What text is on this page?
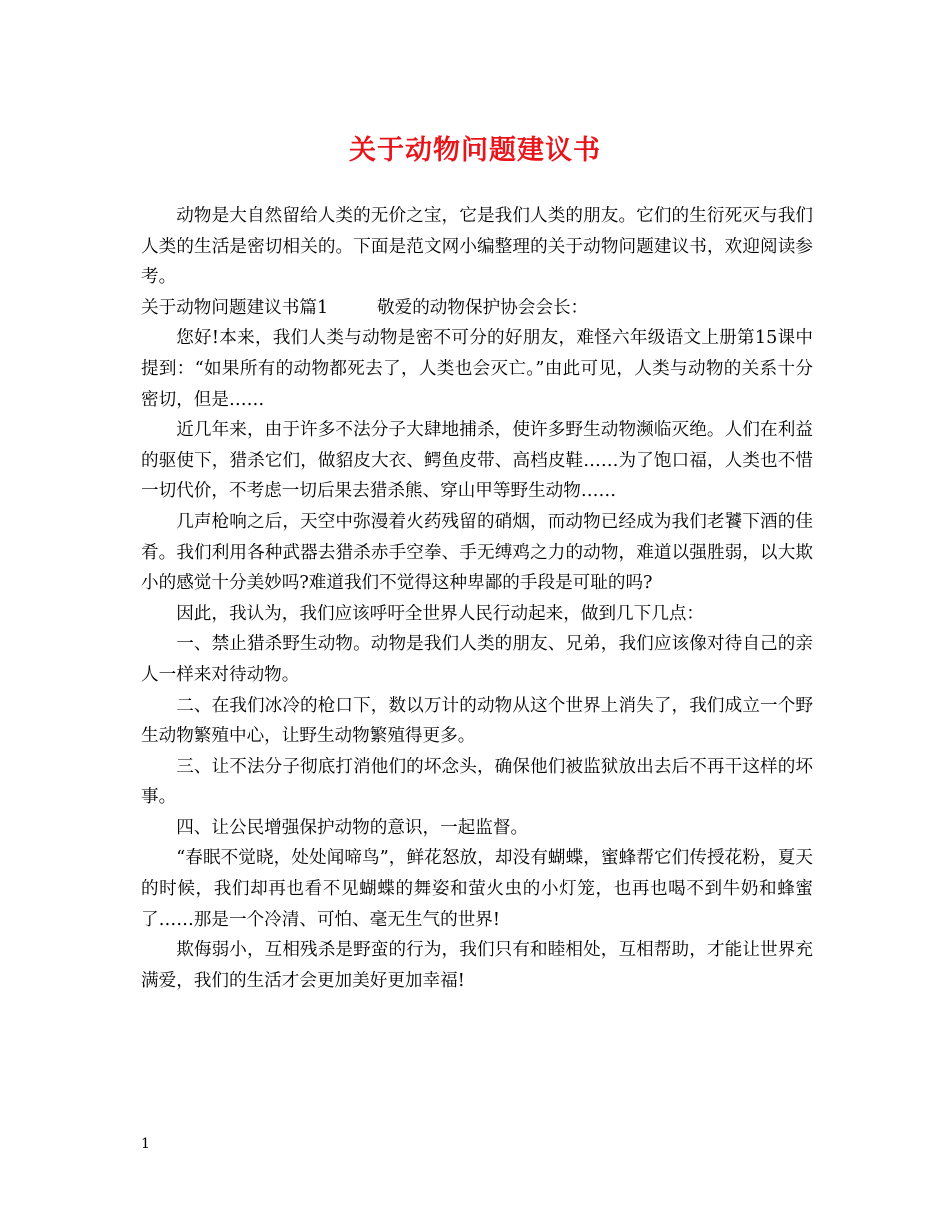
关于动物问题建议书

动物是大自然留给人类的无价之宝，它是我们人类的朋友。它们的生衍死灭与我们人类的生活是密切相关的。下面是范文网小编整理的关于动物问题建议书，欢迎阅读参考。

关于动物问题建议书篇1	敬爱的动物保护协会会长：

您好!本来，我们人类与动物是密不可分的好朋友，难怪六年级语文上册第15课中提到：“如果所有的动物都死去了，人类也会灭亡。”由此可见，人类与动物的关系十分密切，但是……

近几年来，由于许多不法分子大肆地捕杀，使许多野生动物濒临灭绝。人们在利益的驱使下，猎杀它们，做貂皮大衣、鳄鱼皮带、高档皮鞋……为了饱口福，人类也不惜一切代价，不考虑一切后果去猎杀熊、穿山甲等野生动物……

几声枪响之后，天空中弥漫着火药残留的硝烟，而动物已经成为我们老饕下酒的佳肴。我们利用各种武器去猎杀赤手空拳、手无缚鸡之力的动物，难道以强胜弱，以大欺小的感觉十分美妙吗?难道我们不觉得这种卑鄙的手段是可耻的吗?

因此，我认为，我们应该呼吁全世界人民行动起来，做到几下几点：

一、禁止猎杀野生动物。动物是我们人类的朋友、兄弟，我们应该像对待自己的亲人一样来对待动物。

二、在我们冰冷的枪口下，数以万计的动物从这个世界上消失了，我们成立一个野生动物繁殖中心，让野生动物繁殖得更多。

三、让不法分子彻底打消他们的坏念头，确保他们被监狱放出去后不再干这样的坏事。

四、让公民增强保护动物的意识，一起监督。

“春眠不觉晓，处处闻啼鸟”，鲜花怒放，却没有蝴蝶，蜜蜂帮它们传授花粉，夏天的时候，我们却再也看不见蝴蝶的舞姿和萤火虫的小灯笼，也再也喝不到牛奶和蜂蜜了……那是一个冷清、可怕、毫无生气的世界!

欺侮弱小，互相残杀是野蛮的行为，我们只有和睦相处，互相帮助，才能让世界充满爱，我们的生活才会更加美好更加幸福!

1
